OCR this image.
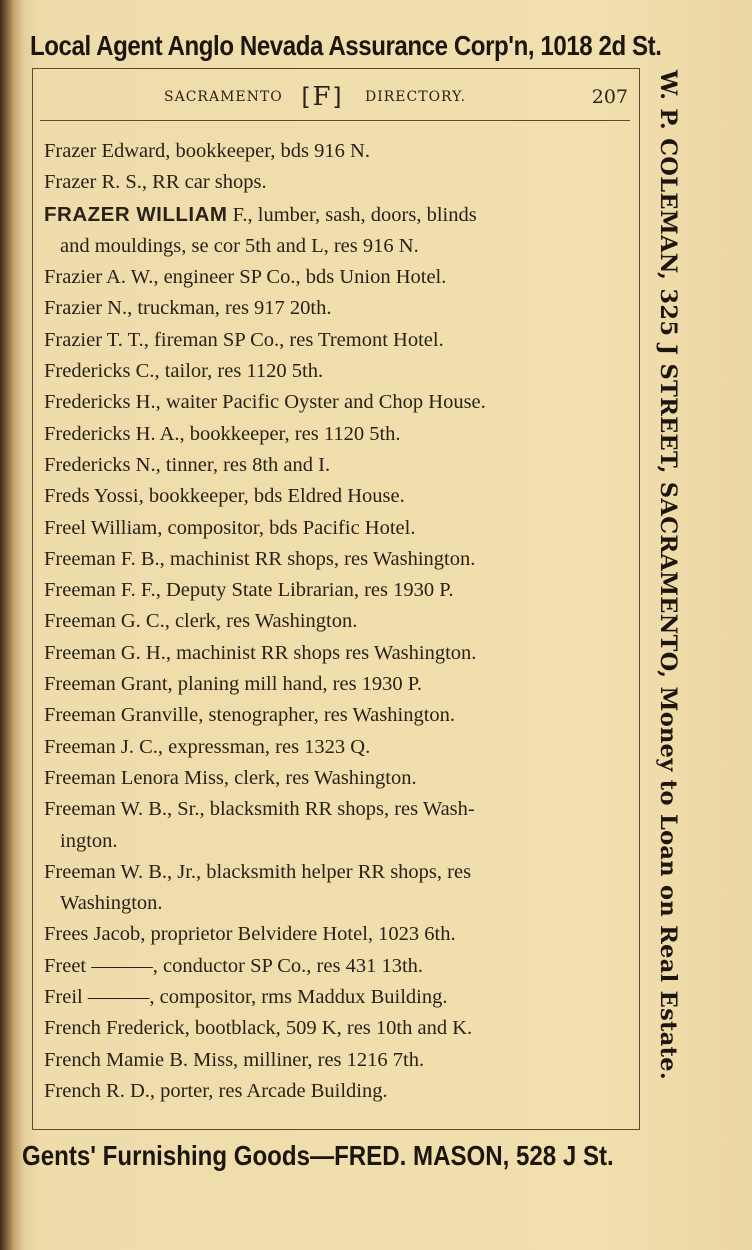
Local Agent Anglo Nevada Assurance Corp'n, 1018 2d St.
SACRAMENTO [F] DIRECTORY.	207
Frazer Edward, bookkeeper, bds 916 N.
Frazer R. S., RR car shops.
FRAZER WILLIAM F., lumber, sash, doors, blinds
and mouldings, se cor 5th and L, res 916 N.
Frazier A. W., engineer SP Co., bds Union Hotel.
Frazier N., truckman, res 917 20th.
Frazier T. T., fireman SP Co., res Tremont Hotel.
Fredericks C., tailor, res 1120 5th.
Fredericks H., waiter Pacific Oyster and Chop House.
Fredericks H. A., bookkeeper, res 1120 5th.
Fredericks N., tinner, res 8th and I.
Freds Yossi, bookkeeper, bds Eldred House.
Freel William, compositor, bds Pacific Hotel.
Freeman F. B., machinist RR shops, res Washington.
Freeman F. F., Deputy State Librarian, res 1930 P.
Freeman G. C., clerk, res Washington.
Freeman G. H., machinist RR shops res Washington.
Freeman Grant, planing mill hand, res 1930 P.
Freeman Granville, stenographer, res Washington.
Freeman J. C., expressman, res 1323 Q.
Freeman Lenora Miss, clerk, res Washington.
Freeman W. B., Sr., blacksmith RR shops, res Wash-
ington.
Freeman W. B., Jr., blacksmith helper RR shops, res
Washington.
Frees Jacob, proprietor Belvidere Hotel, 1023 6th.
Freet ———, conductor SP Co., res 431 13th.
Freil ———, compositor, rms Maddux Building.
French Frederick, bootblack, 509 K, res 10th and K.
French Mamie B. Miss, milliner, res 1216 7th.
French R. D., porter, res Arcade Building.
W. P. COLEMAN, 325 J STREET, SACRAMENTO, Money to Loan on Real Estate.
Gents' Furnishing Goods—FRED. MASON, 528 J St.
